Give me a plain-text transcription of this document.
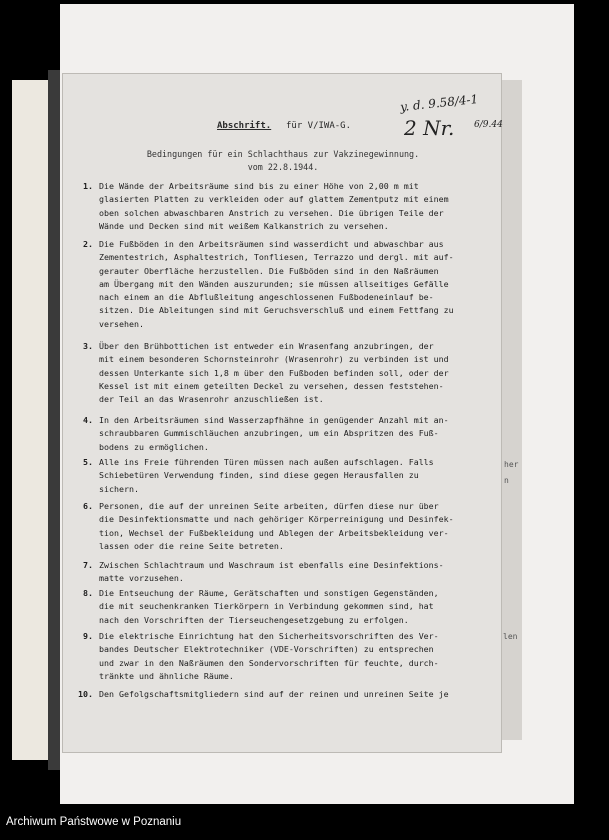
Abschrift. für V/IWA-G.
y. d. 9.58/4-1
2 Nr. 6/9.44
Bedingungen für ein Schlachthaus zur Vakzinegewinnung.
vom 22.8.1944.
1. Die Wände der Arbeitsräume sind bis zu einer Höhe von 2,00 m mit
glasierten Platten zu verkleiden oder auf glattem Zementputz mit einem
oben solchen abwaschbaren Anstrich zu versehen. Die übrigen Teile der
Wände und Decken sind mit weißem Kalkanstrich zu versehen.
2. Die Fußböden in den Arbeitsräumen sind wasserdicht und abwaschbar aus
Zementestrich, Asphaltestrich, Tonfliesen, Terrazzo und dergl. mit auf-
gerauter Oberfläche herzustellen. Die Fußböden sind in den Naßräumen
am Übergang mit den Wänden auszurunden; sie müssen allseitiges Gefälle
nach einem an die Abflußleitung angeschlossenen Fußbodeneinlauf be-
sitzen. Die Ableitungen sind mit Geruchsverschluß und einem Fettfang zu
versehen.
3. Über den Brühbottichen ist entweder ein Wrasenfang anzubringen, der
mit einem besonderen Schornsteinrohr (Wrasenrohr) zu verbinden ist und
dessen Unterkante sich 1,8 m über den Fußboden befinden soll, oder der
Kessel ist mit einem geteilten Deckel zu versehen, dessen feststehen-
der Teil an das Wrasenrohr anzuschließen ist.
4. In den Arbeitsräumen sind Wasserzapfhähne in genügender Anzahl mit an-
schraubbaren Gummischläuchen anzubringen, um ein Abspritzen des Fuß-
bodens zu ermöglichen.
5. Alle ins Freie führenden Türen müssen nach außen aufschlagen. Falls
Schiebetüren Verwendung finden, sind diese gegen Herausfallen zu
sichern.
6. Personen, die auf der unreinen Seite arbeiten, dürfen diese nur über
die Desinfektionsmatte und nach gehöriger Körperreinigung und Desinfek-
tion, Wechsel der Fußbekleidung und Ablegen der Arbeitsbekleidung ver-
lassen oder die reine Seite betreten.
7. Zwischen Schlachtraum und Waschraum ist ebenfalls eine Desinfektions-
matte vorzusehen.
8. Die Entseuchung der Räume, Gerätschaften und sonstigen Gegenständen,
die mit seuchenkranken Tierkörpern in Verbindung gekommen sind, hat
nach den Vorschriften der Tierseuchengesetzgebung zu erfolgen.
9. Die elektrische Einrichtung hat den Sicherheitsvorschriften des Ver-
bandes Deutscher Elektrotechniker (VDE-Vorschriften) zu entsprechen
und zwar in den Naßräumen den Sondervorschriften für feuchte, durch-
tränkte und ähnliche Räume.
10. Den Gefolgschaftsmitgliedern sind auf der reinen und unreinen Seite je
her
n
len
Archiwum Państwowe w Poznaniu
